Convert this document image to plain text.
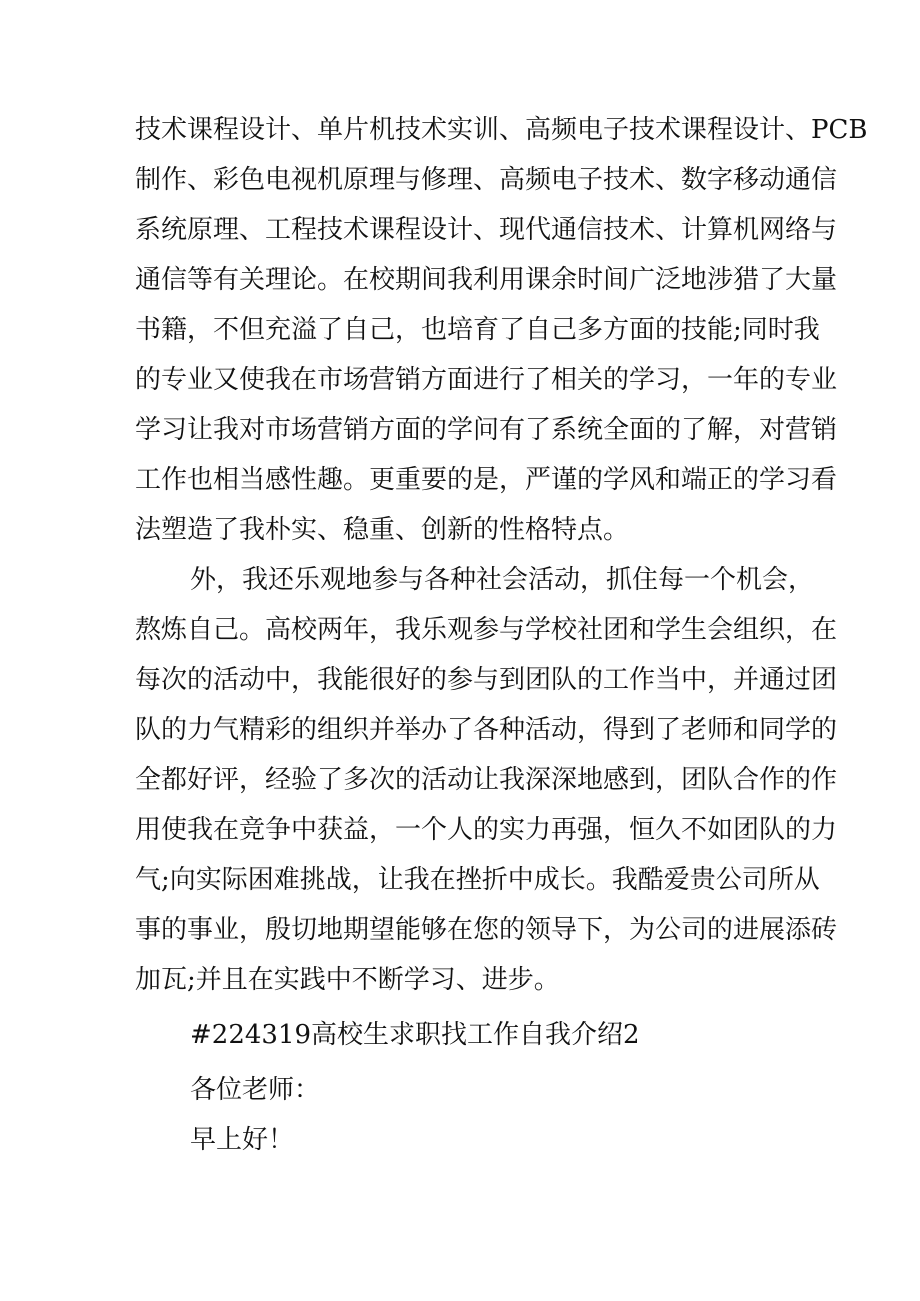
技术课程设计、单片机技术实训、高频电子技术课程设计、PCB
制作、彩色电视机原理与修理、高频电子技术、数字移动通信
系统原理、工程技术课程设计、现代通信技术、计算机网络与
通信等有关理论。在校期间我利用课余时间广泛地涉猎了大量
书籍，不但充溢了自己，也培育了自己多方面的技能;同时我
的专业又使我在市场营销方面进行了相关的学习，一年的专业
学习让我对市场营销方面的学问有了系统全面的了解，对营销
工作也相当感性趣。更重要的是，严谨的学风和端正的学习看
法塑造了我朴实、稳重、创新的性格特点。
外，我还乐观地参与各种社会活动，抓住每一个机会，
熬炼自己。高校两年，我乐观参与学校社团和学生会组织，在
每次的活动中，我能很好的参与到团队的工作当中，并通过团
队的力气精彩的组织并举办了各种活动，得到了老师和同学的
全都好评，经验了多次的活动让我深深地感到，团队合作的作
用使我在竞争中获益，一个人的实力再强，恒久不如团队的力
气;向实际困难挑战，让我在挫折中成长。我酷爱贵公司所从
事的事业，殷切地期望能够在您的领导下，为公司的进展添砖
加瓦;并且在实践中不断学习、进步。
#224319高校生求职找工作自我介绍2
各位老师：
早上好！
